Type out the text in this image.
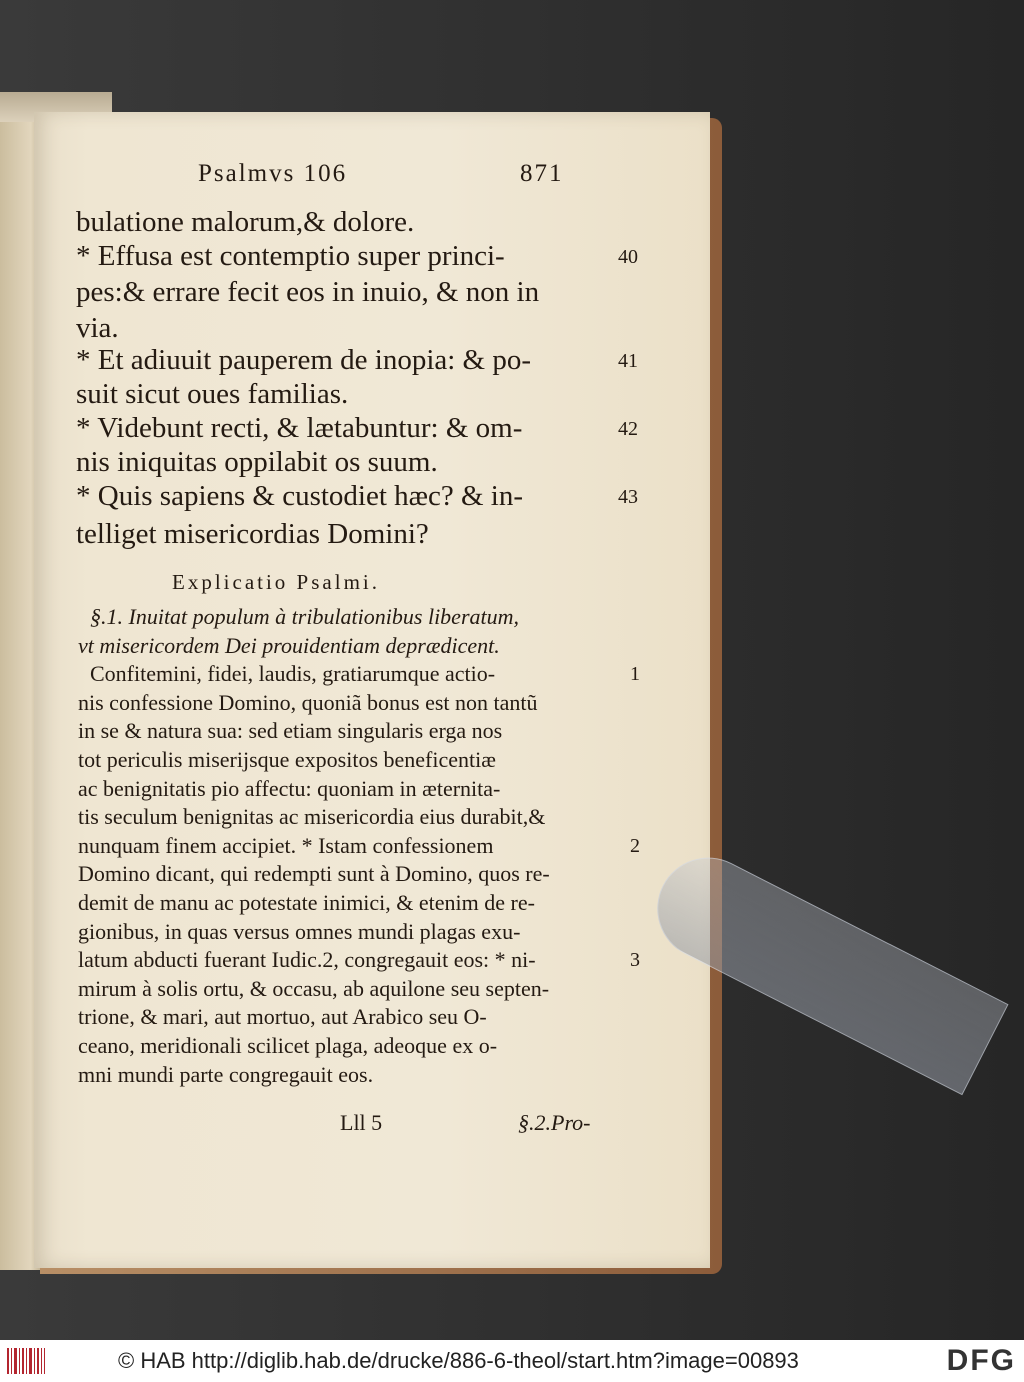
Psalmvs 106	871
bulatione malorum,& dolore.
* Effusa est contemptio super princi-	40
pes:& errare fecit eos in inuio, & non in
via.
* Et adiuuit pauperem de inopia: & po-	41
suit sicut oues familias.
* Videbunt recti, & lætabuntur: & om-	42
nis iniquitas oppilabit os suum.
* Quis sapiens & custodiet hæc? & in-	43
telliget misericordias Domini?
Explicatio Psalmi.
§.1. Inuitat populum à tribulationibus liberatum,
vt misericordem Dei prouidentiam deprædicent.
Confitemini, fidei, laudis, gratiarumque actio-	1
nis confessione Domino, quoniã bonus est non tantũ
in se & natura sua: sed etiam singularis erga nos
tot periculis miserijsque expositos beneficentiæ
ac benignitatis pio affectu: quoniam in æternita-
tis seculum benignitas ac misericordia eius durabit,&
nunquam finem accipiet. * Istam confessionem	2
Domino dicant, qui redempti sunt à Domino, quos re-
demit de manu ac potestate inimici, & etenim de re-
gionibus, in quas versus omnes mundi plagas exu-
latum abducti fuerant Iudic.2, congregauit eos: * ni-	3
mirum à solis ortu, & occasu, ab aquilone seu septen-
trione, & mari, aut mortuo, aut Arabico seu O-
ceano, meridionali scilicet plaga, adeoque ex o-
mni mundi parte congregauit eos.
Lll 5	§.2.Pro-
© HAB http://diglib.hab.de/drucke/886-6-theol/start.htm?image=00893	DFG
